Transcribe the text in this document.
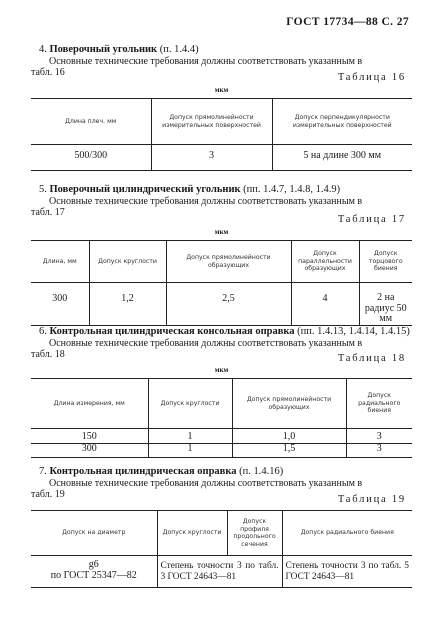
ГОСТ 17734—88 С. 27
4. Поверочный угольник (п. 1.4.4)
Основные технические требования должны соответствовать указанным в
табл. 16	Таблица 16
мкм
Длина плеч. мм	Допуск прямолинейности измерительных поверхностей	Допуск перпендикулярности измерительных поверхностей
500/300	3	5 на длине 300 мм
5. Поверочный цилиндрический угольник (пп. 1.4.7, 1.4.8, 1.4.9)
Основные технические требования должны соответствовать указанным в
табл. 17
Таблица 17
мкм
Длина, мм	Допуск круглости	Допуск прямолинейности образующих	Допуск параллельности образующих	Допуск торцового биения
300	1,2	2,5	4	2 на радиус 50 мм
6. Контрольная цилиндрическая консольная оправка (пп. 1.4.13, 1.4.14, 1.4.15)
Основные технические требования должны соответствовать указанным в
табл. 18	Таблица 18
мкм
Длина измерения, мм	Допуск круглости	Допуск прямолинейности образующих	Допуск радиального биения
150	1	1,0	3
300	1	1,5	3
7. Контрольная цилиндрическая оправка (п. 1.4.16)
Основные технические требования должны соответствовать указанным в
табл. 19	Таблица 19
Допуск на диаметр	Допуск круглости	Допуск профиля продольного сечения	Допуск радиального биения

g6
по ГОСТ 25347—82	Степень точности 3 по табл. 3 ГОСТ 24643—81		Степень точности 3 по табл. 5 ГОСТ 24643—81
